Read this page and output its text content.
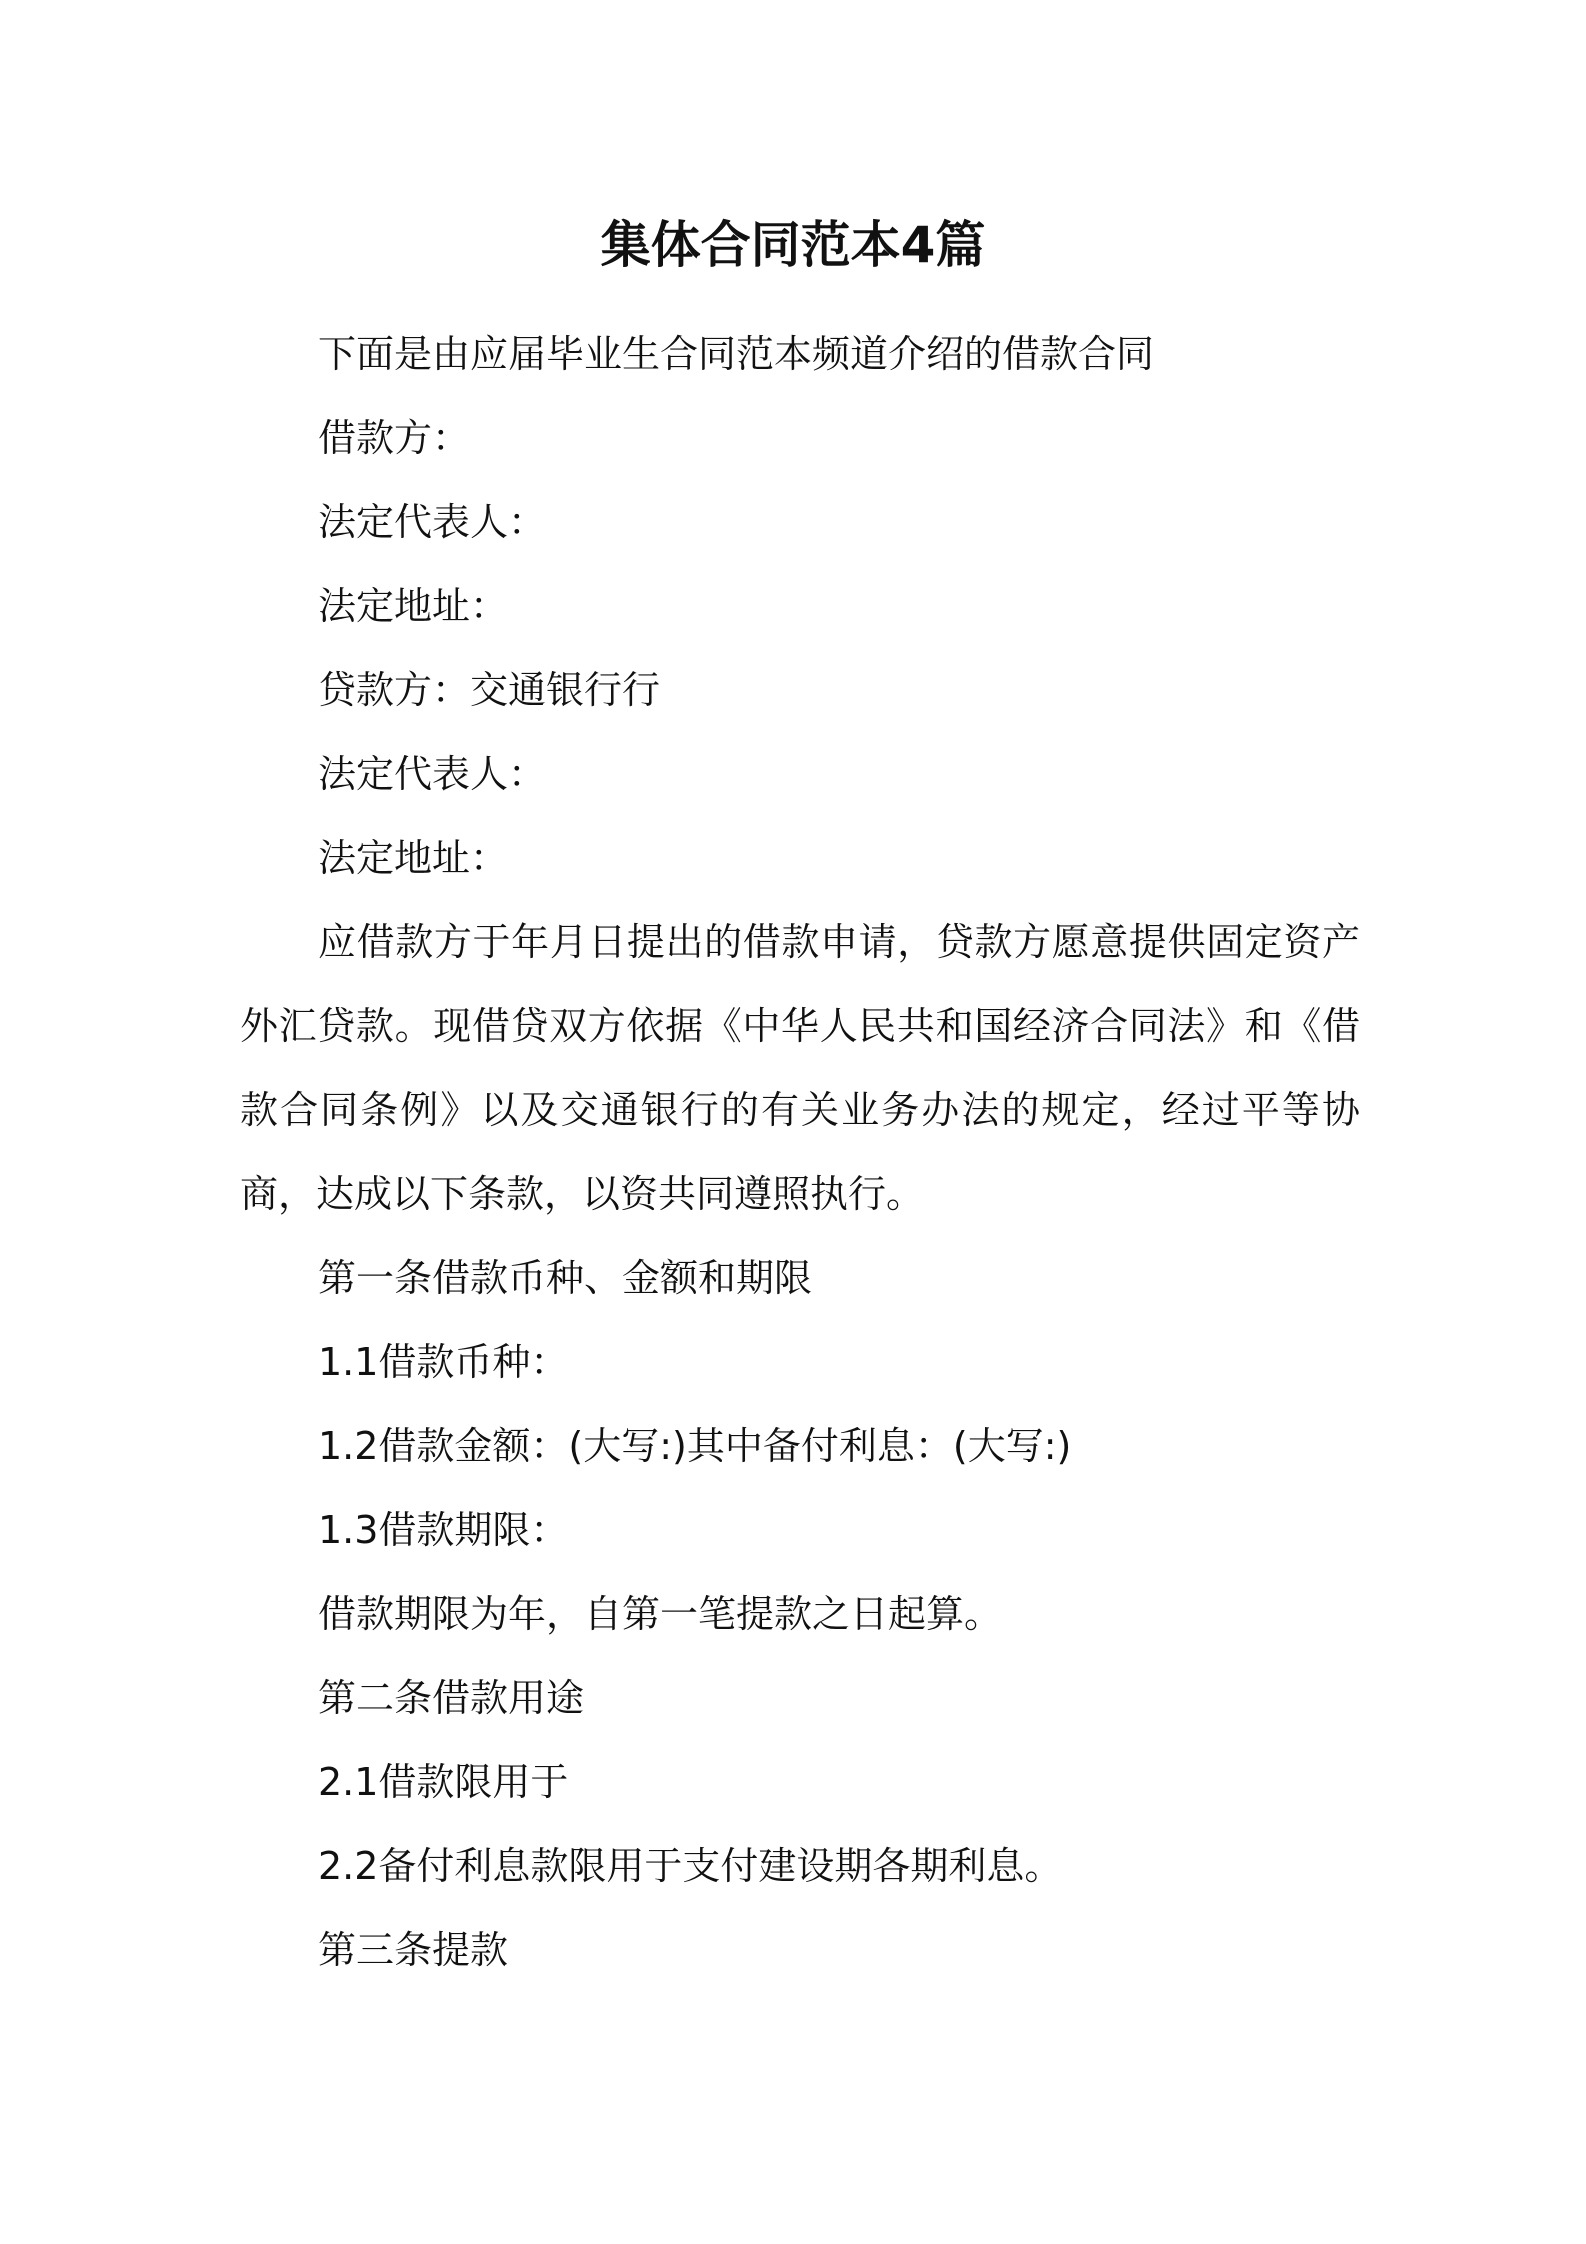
集体合同范本4篇
下面是由应届毕业生合同范本频道介绍的借款合同
借款方：
法定代表人：
法定地址：
贷款方：交通银行行
法定代表人：
法定地址：
应借款方于年月日提出的借款申请，贷款方愿意提供固定资产外汇贷款。现借贷双方依据《中华人民共和国经济合同法》和《借款合同条例》以及交通银行的有关业务办法的规定，经过平等协商，达成以下条款，以资共同遵照执行。
第一条借款币种、金额和期限
1.1借款币种：
1.2借款金额：(大写:)其中备付利息：(大写:)
1.3借款期限：
借款期限为年，自第一笔提款之日起算。
第二条借款用途
2.1借款限用于
2.2备付利息款限用于支付建设期各期利息。
第三条提款
